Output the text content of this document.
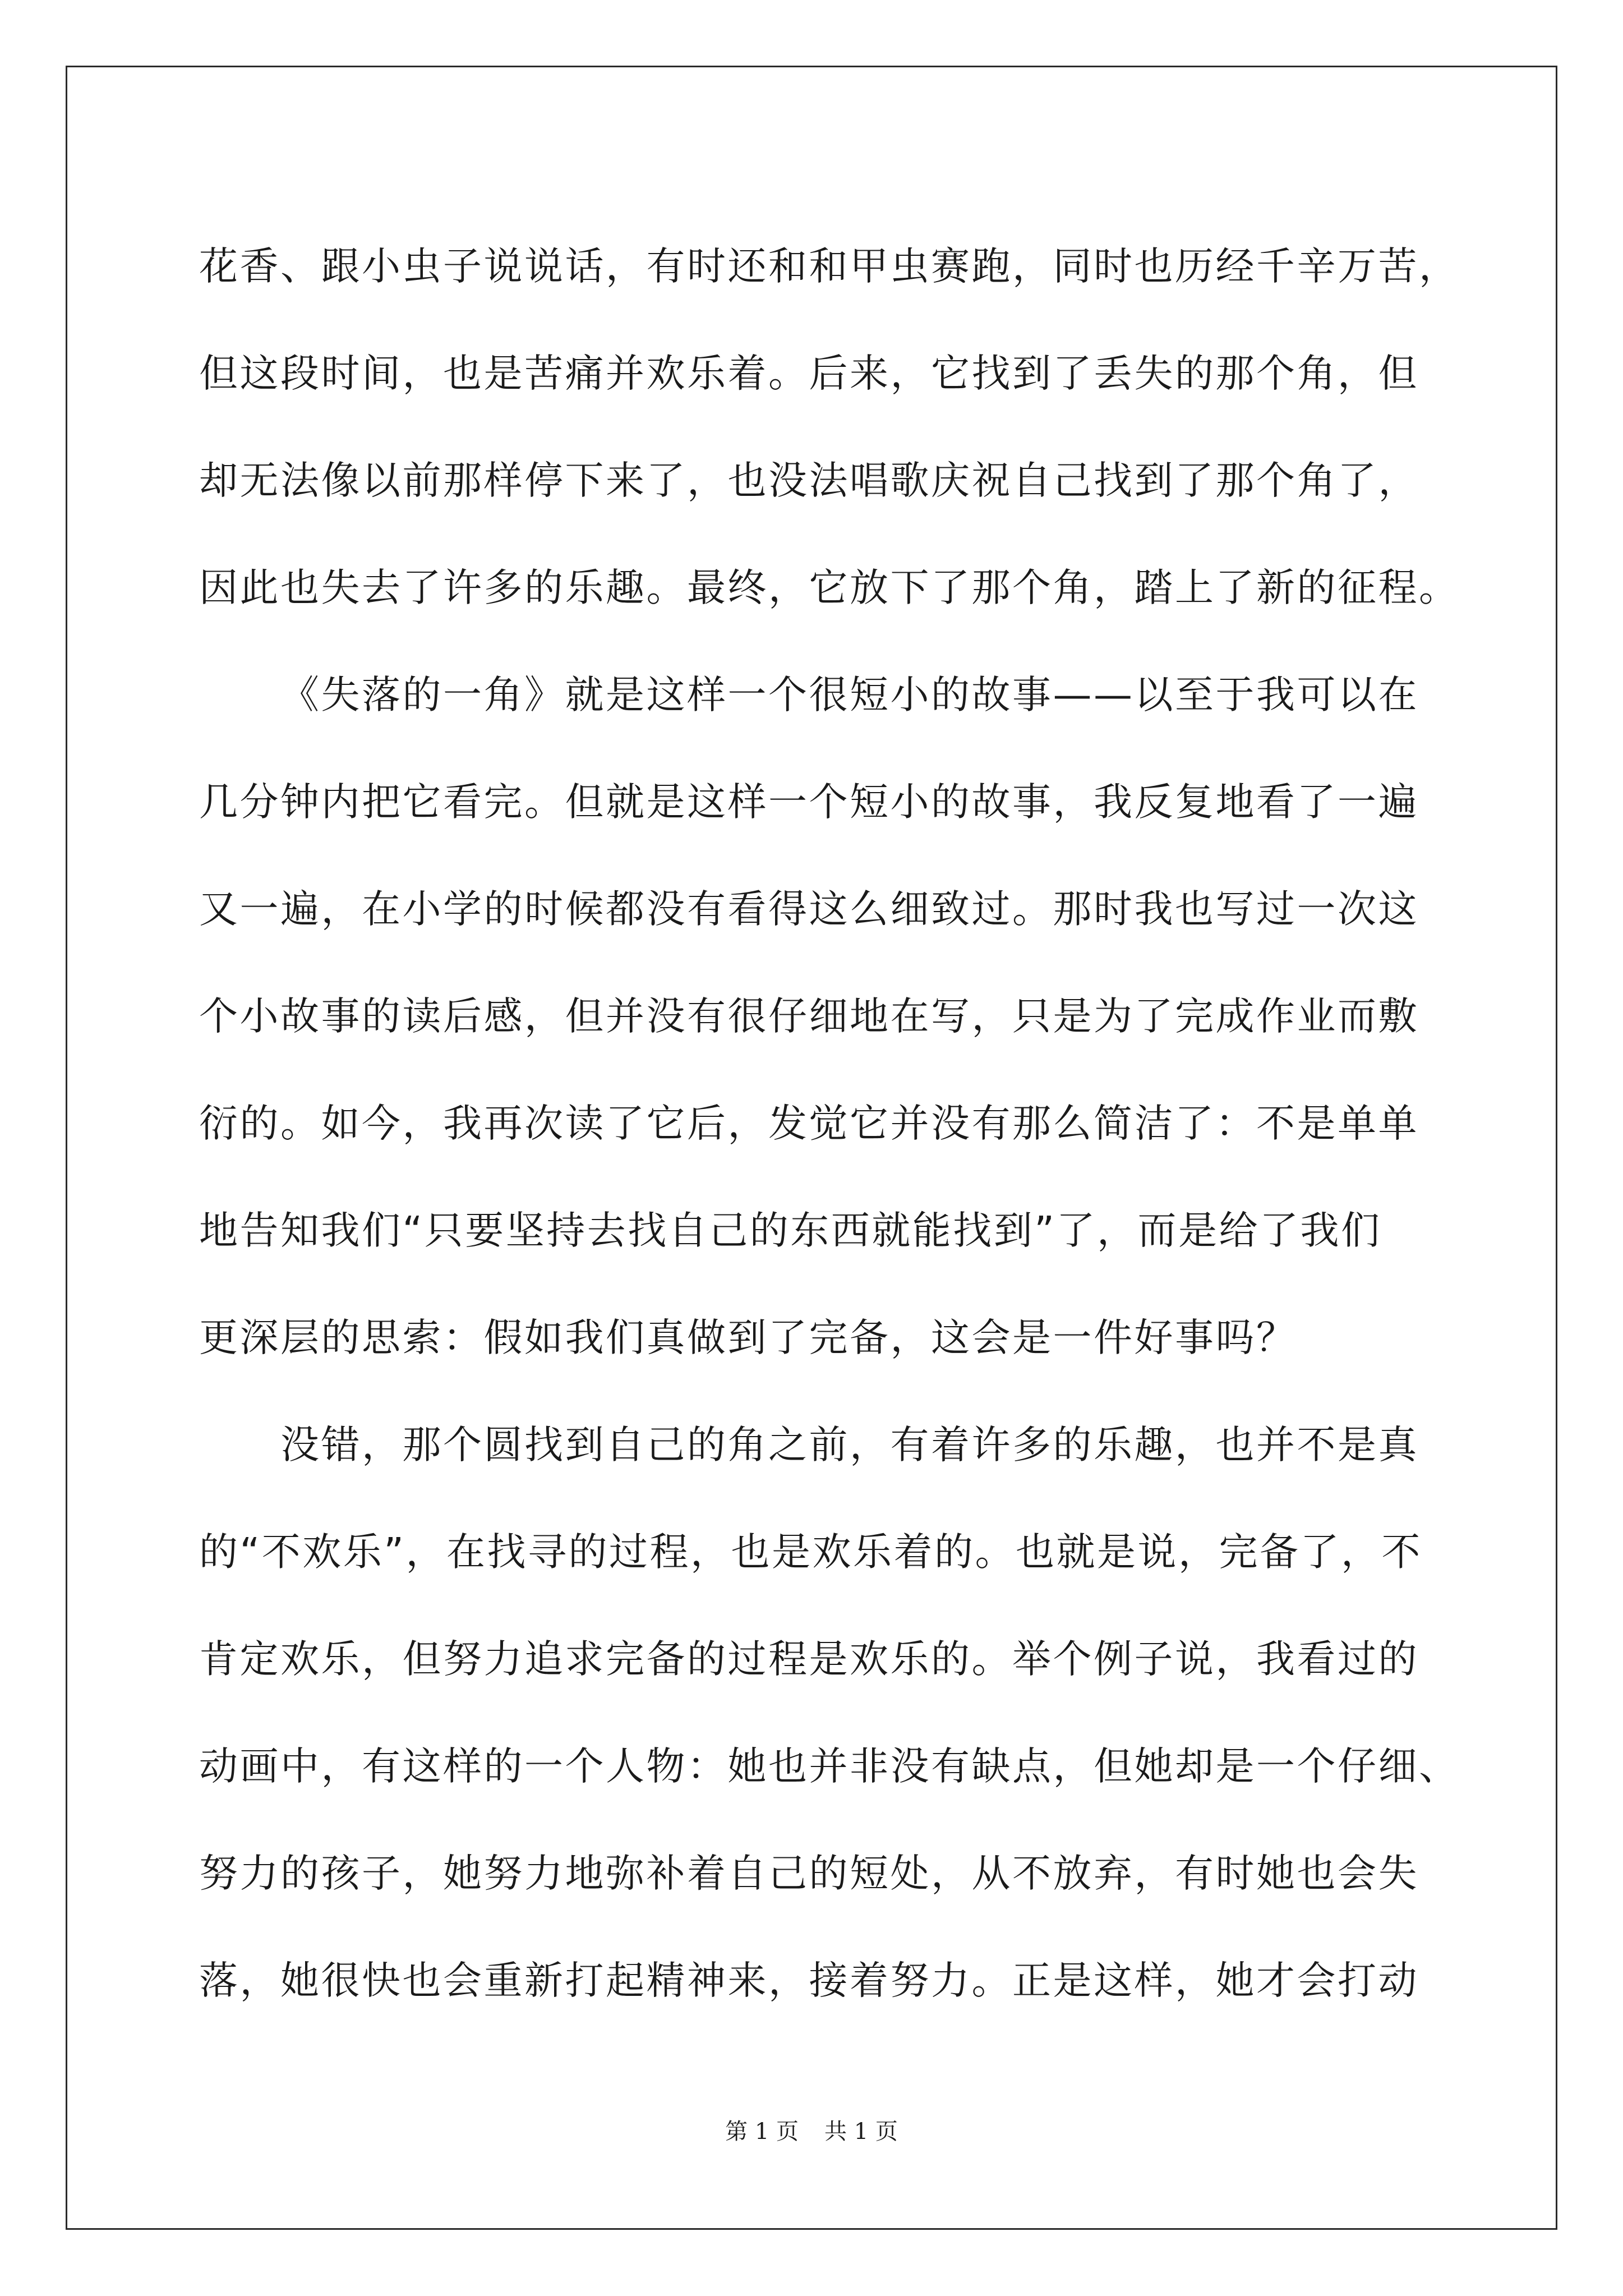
花香、跟小虫子说说话，有时还和和甲虫赛跑，同时也历经千辛万苦，
但这段时间，也是苦痛并欢乐着。后来，它找到了丢失的那个角，但
却无法像以前那样停下来了，也没法唱歌庆祝自己找到了那个角了，
因此也失去了许多的乐趣。最终，它放下了那个角，踏上了新的征程。
《失落的一角》就是这样一个很短小的故事——以至于我可以在
几分钟内把它看完。但就是这样一个短小的故事，我反复地看了一遍
又一遍，在小学的时候都没有看得这么细致过。那时我也写过一次这
个小故事的读后感，但并没有很仔细地在写，只是为了完成作业而敷
衍的。如今，我再次读了它后，发觉它并没有那么简洁了：不是单单
地告知我们“只要坚持去找自己的东西就能找到”了，而是给了我们
更深层的思索：假如我们真做到了完备，这会是一件好事吗？
没错，那个圆找到自己的角之前，有着许多的乐趣，也并不是真
的“不欢乐”，在找寻的过程，也是欢乐着的。也就是说，完备了，不
肯定欢乐，但努力追求完备的过程是欢乐的。举个例子说，我看过的
动画中，有这样的一个人物：她也并非没有缺点，但她却是一个仔细、
努力的孩子，她努力地弥补着自己的短处，从不放弃，有时她也会失
落，她很快也会重新打起精神来，接着努力。正是这样，她才会打动
第 1 页 共 1 页
